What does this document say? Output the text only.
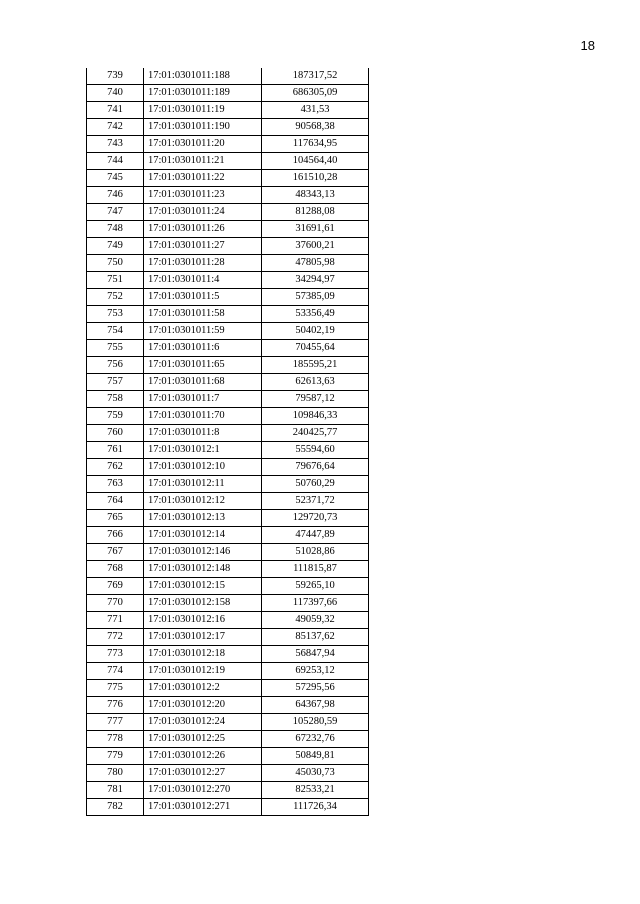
18
739	17:01:0301011:188	187317,52
740	17:01:0301011:189	686305,09
741	17:01:0301011:19	431,53
742	17:01:0301011:190	90568,38
743	17:01:0301011:20	117634,95
744	17:01:0301011:21	104564,40
745	17:01:0301011:22	161510,28
746	17:01:0301011:23	48343,13
747	17:01:0301011:24	81288,08
748	17:01:0301011:26	31691,61
749	17:01:0301011:27	37600,21
750	17:01:0301011:28	47805,98
751	17:01:0301011:4	34294,97
752	17:01:0301011:5	57385,09
753	17:01:0301011:58	53356,49
754	17:01:0301011:59	50402,19
755	17:01:0301011:6	70455,64
756	17:01:0301011:65	185595,21
757	17:01:0301011:68	62613,63
758	17:01:0301011:7	79587,12
759	17:01:0301011:70	109846,33
760	17:01:0301011:8	240425,77
761	17:01:0301012:1	55594,60
762	17:01:0301012:10	79676,64
763	17:01:0301012:11	50760,29
764	17:01:0301012:12	52371,72
765	17:01:0301012:13	129720,73
766	17:01:0301012:14	47447,89
767	17:01:0301012:146	51028,86
768	17:01:0301012:148	111815,87
769	17:01:0301012:15	59265,10
770	17:01:0301012:158	117397,66
771	17:01:0301012:16	49059,32
772	17:01:0301012:17	85137,62
773	17:01:0301012:18	56847,94
774	17:01:0301012:19	69253,12
775	17:01:0301012:2	57295,56
776	17:01:0301012:20	64367,98
777	17:01:0301012:24	105280,59
778	17:01:0301012:25	67232,76
779	17:01:0301012:26	50849,81
780	17:01:0301012:27	45030,73
781	17:01:0301012:270	82533,21
782	17:01:0301012:271	111726,34
